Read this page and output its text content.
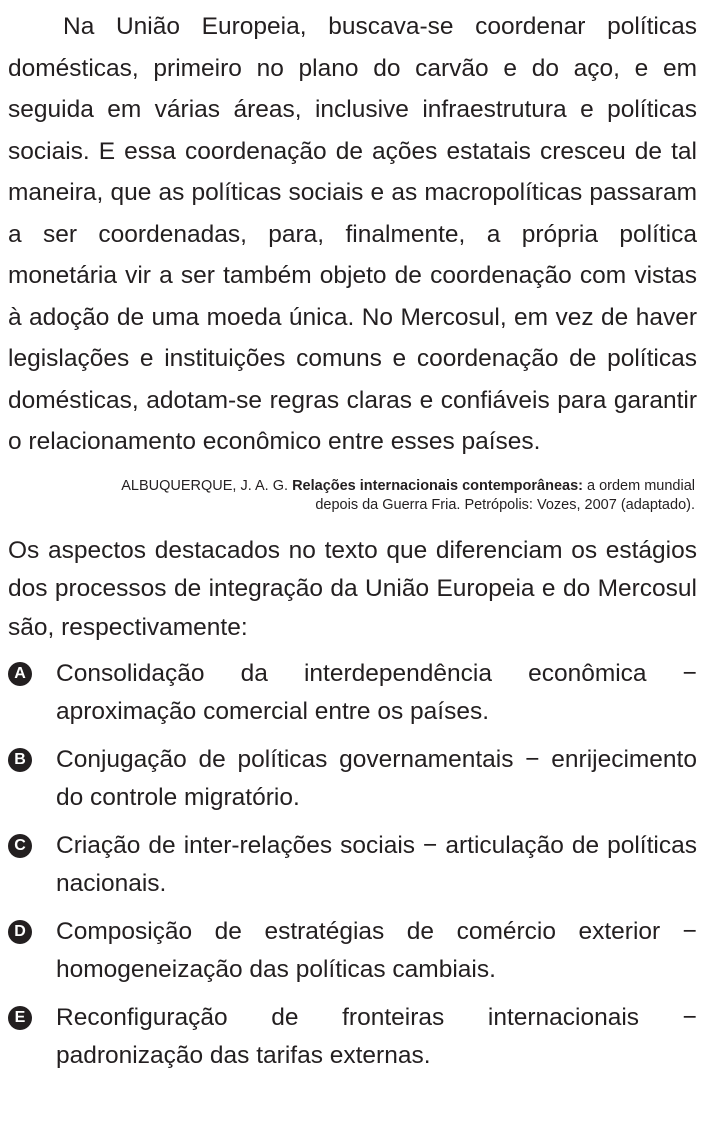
Na União Europeia, buscava-se coordenar políticas domésticas, primeiro no plano do carvão e do aço, e em seguida em várias áreas, inclusive infraestrutura e políticas sociais. E essa coordenação de ações estatais cresceu de tal maneira, que as políticas sociais e as macropolíticas passaram a ser coordenadas, para, finalmente, a própria política monetária vir a ser também objeto de coordenação com vistas à adoção de uma moeda única. No Mercosul, em vez de haver legislações e instituições comuns e coordenação de políticas domésticas, adotam-se regras claras e confiáveis para garantir o relacionamento econômico entre esses países.

ALBUQUERQUE, J. A. G. Relações internacionais contemporâneas: a ordem mundial
depois da Guerra Fria. Petrópolis: Vozes, 2007 (adaptado).

Os aspectos destacados no texto que diferenciam os estágios dos processos de integração da União Europeia e do Mercosul são, respectivamente:

A Consolidação da interdependência econômica − aproximação comercial entre os países.
B Conjugação de políticas governamentais − enrijecimento do controle migratório.
C Criação de inter-relações sociais − articulação de políticas nacionais.
D Composição de estratégias de comércio exterior − homogeneização das políticas cambiais.
E Reconfiguração de fronteiras internacionais − padronização das tarifas externas.
